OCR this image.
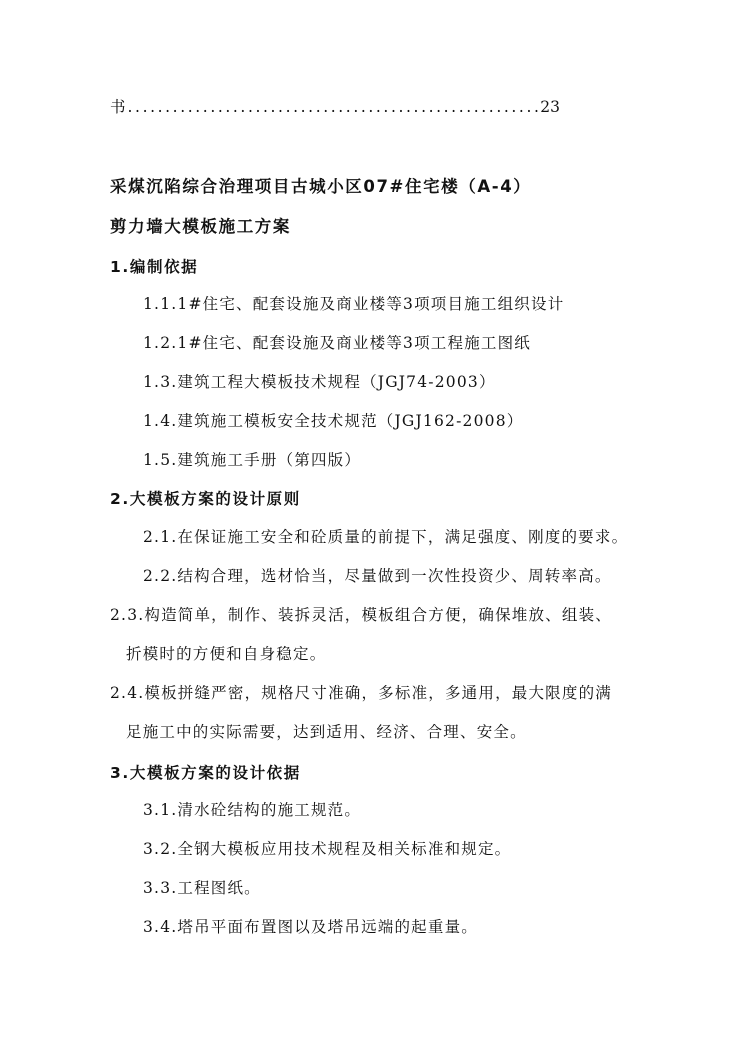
书
.....	23
采煤沉陷综合治理项目古城小区07#住宅楼（A-4）
剪力墙大模板施工方案
1.编制依据
1.1.1#住宅、配套设施及商业楼等3项项目施工组织设计
1.2.1#住宅、配套设施及商业楼等3项工程施工图纸
1.3.建筑工程大模板技术规程（JGJ74-2003）
1.4.建筑施工模板安全技术规范（JGJ162-2008）
1.5.建筑施工手册（第四版）
2.大模板方案的设计原则
2.1.在保证施工安全和砼质量的前提下，满足强度、刚度的要求。
2.2.结构合理，选材恰当，尽量做到一次性投资少、周转率高。
2.3.构造简单，制作、装拆灵活，模板组合方便，确保堆放、组装、
折模时的方便和自身稳定。
2.4.模板拼缝严密，规格尺寸准确，多标准，多通用，最大限度的满
足施工中的实际需要，达到适用、经济、合理、安全。
3.大模板方案的设计依据
3.1.清水砼结构的施工规范。
3.2.全钢大模板应用技术规程及相关标准和规定。
3.3.工程图纸。
3.4.塔吊平面布置图以及塔吊远端的起重量。
